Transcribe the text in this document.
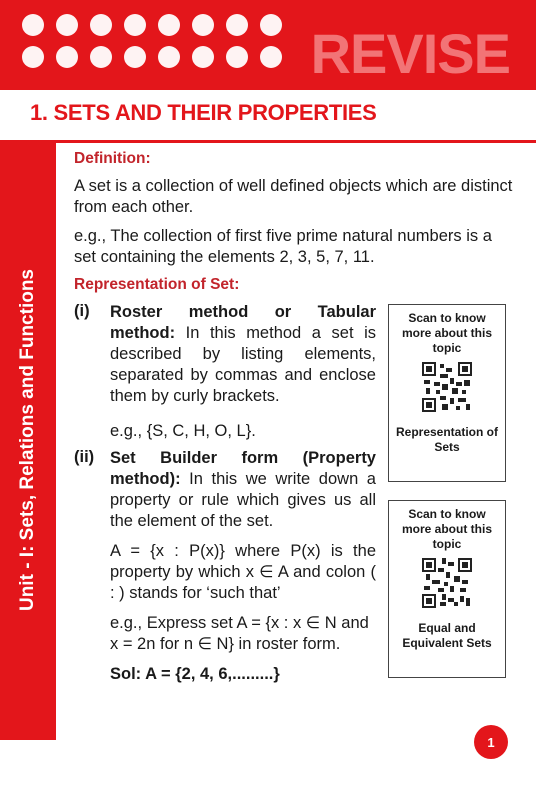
REVISE
1. SETS AND THEIR PROPERTIES
Unit - I: Sets, Relations and Functions
Definition:

A set is a collection of well defined objects which are distinct from each other.

e.g., The collection of first five prime natural numbers is a set containing the elements 2, 3, 5, 7, 11.

Representation of Set:
(i) Roster method or Tabular method: In this method a set is described by listing elements, separated by commas and enclose them by curly brackets.
e.g., {S, C, H, O, L}.
(ii) Set Builder form (Property method): In this we write down a property or rule which gives us all the element of the set.
A = {x : P(x)} where P(x) is the property by which x ∈ A and colon ( : ) stands for ‘such that’
e.g., Express set A = {x : x ∈ N and x = 2n for n ∈ N} in roster form.
Sol: A = {2, 4, 6,.........}
Scan to know more about this topic
Representation of Sets
Scan to know more about this topic
Equal and Equivalent Sets
1
